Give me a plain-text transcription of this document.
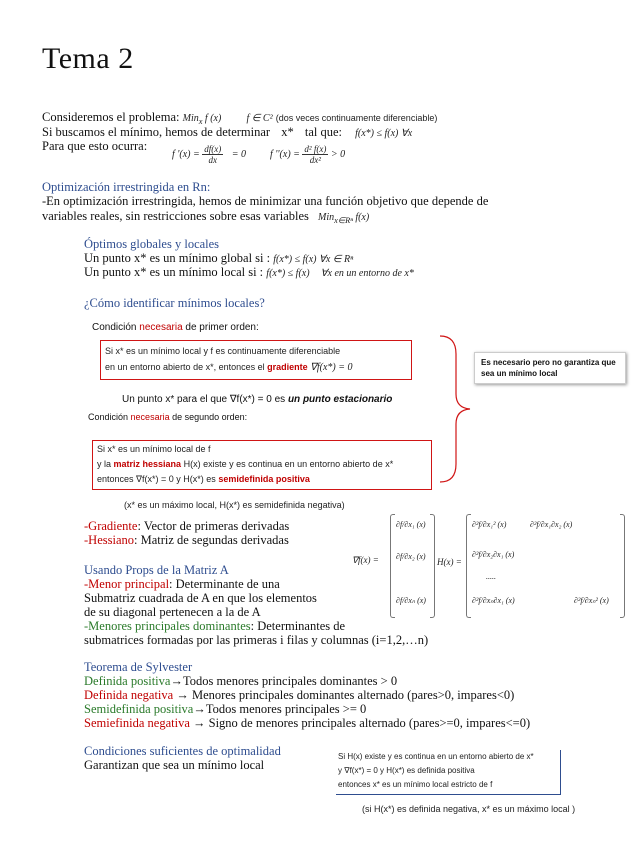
Tema 2
Consideremos el problema: Min$_x$ f (x)	f ∈ C² (dos veces continuamente diferenciable)
Si buscamos el mínimo, hemos de determinar x* tal que: f(x*) ≤ f(x) ∀x
Para que esto ocurra:
f '$(x) = \frac{df(x)}{dx} = 0$ f ''$(x) = \frac{\text{d² f(x)}}{\text{dx²}} > 0$
Optimización irrestringida en Rn:
-En optimización irrestringida, hemos de minimizar una función objetivo que depende de
variables reales, sin restricciones sobre esas variables Min$_{x\in R^n}$ f(x)
Óptimos globales y locales
Un punto x* es un mínimo global si : f(x*) ≤ f(x) ∀x ∈ Rⁿ
Un punto x* es un mínimo local si : f(x*) ≤ f(x) ∀x en un entorno de x*
¿Cómo identificar mínimos locales?
Condición necesaria de primer orden:
Si x* es un mínimo local y f es continuamente diferenciable
en un entorno abierto de x*, entonces el gradiente ∇f(x*) = 0
Un punto x* para el que ∇f(x*) = 0 es un punto estacionario
Condición necesaria de segundo orden:
Si x* es un mínimo local de f
y la matriz hessiana H(x) existe y es continua en un entorno abierto de x*
entonces ∇f(x*) = 0 y H(x*) es semidefinida positiva
(x* es un máximo local, H(x*) es semidefinida negativa)
Es necesario pero no garantiza que sea un mínimo local
-Gradiente: Vector de primeras derivadas
-Hessiano: Matriz de segundas derivadas
∇f(x) =
∂f/∂x₁ (x)
∂f/∂x₂ (x)
∂f/∂xₙ (x)
H(x) =
∂²f/∂x₁² (x)	∂²f/∂x₁∂x₂ (x)
∂²f/∂x₂∂x₁ (x)
.....
∂²f/∂xₙ∂x₁ (x)	∂²f/∂xₙ² (x)
Usando Props de la Matriz A
-Menor principal: Determinante de una
Submatriz cuadrada de A en que los elementos
de su diagonal pertenecen a la de A
-Menores principales dominantes: Determinantes de
submatrices formadas por las primeras i filas y columnas (i=1,2,…n)
Teorema de Sylvester
Definida positiva→Todos menores principales dominantes > 0
Definida negativa → Menores principales dominantes alternado (pares>0, impares<0)
Semidefinida positiva→Todos menores principales >= 0
Semiefinida negativa → Signo de menores principales alternado (pares>=0, impares<=0)
Condiciones suficientes de optimalidad
Garantizan que sea un mínimo local
Si H(x) existe y es continua en un entorno abierto de x*
y ∇f(x*) = 0 y H(x*) es definida positiva
entonces x* es un mínimo local estricto de f
(si H(x*) es definida negativa, x* es un máximo local )
